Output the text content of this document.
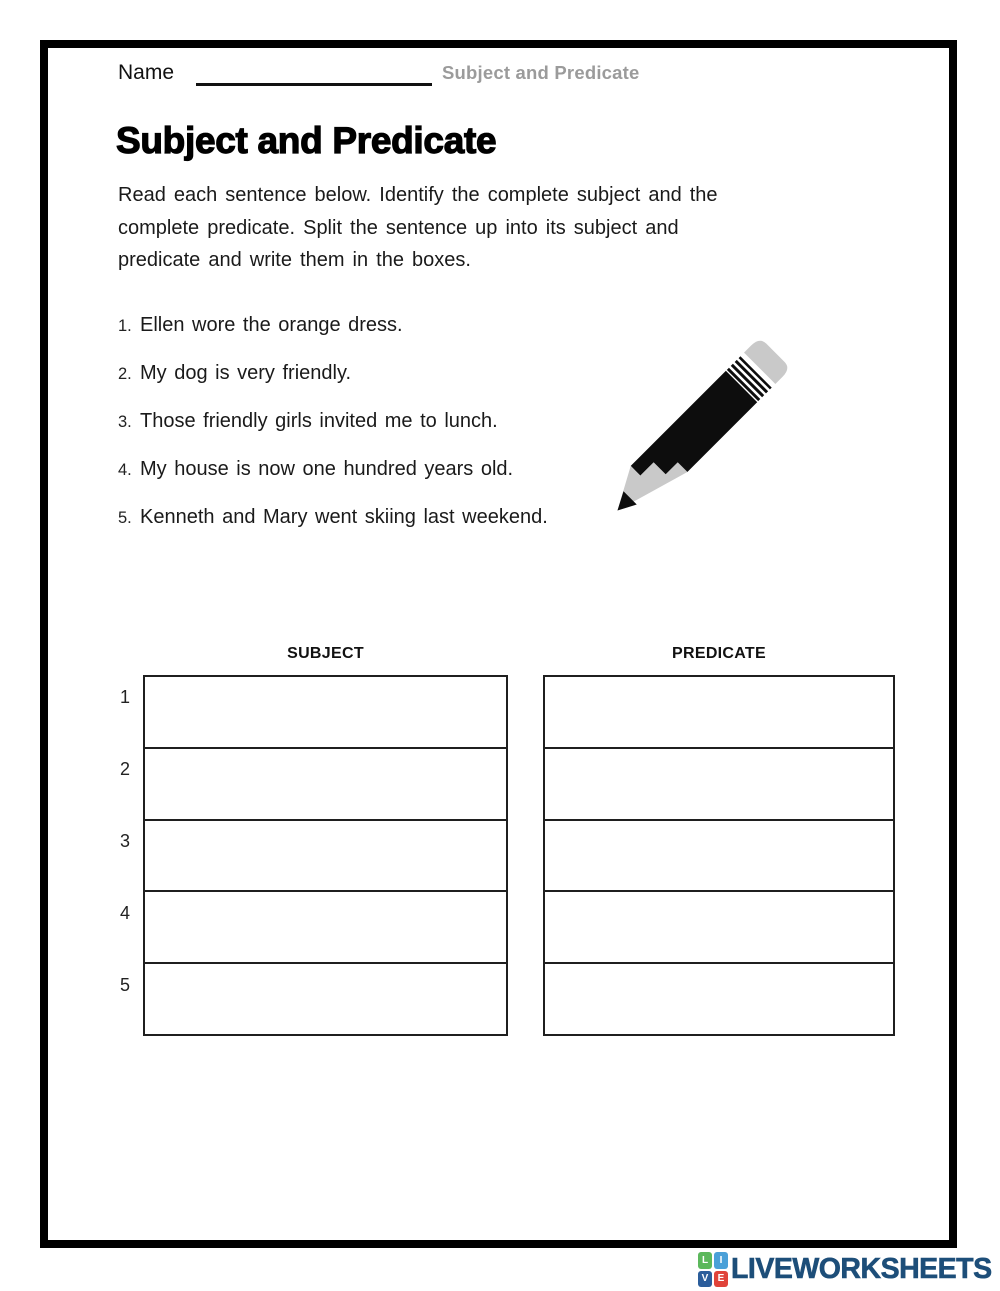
Name	Subject and Predicate
Subject and Predicate
Read each sentence below. Identify the complete subject and the
complete predicate. Split the sentence up into its subject and
predicate and write them in the boxes.
1. Ellen wore the orange dress.
2. My dog is very friendly.
3. Those friendly girls invited me to lunch.
4. My house is now one hundred years old.
5. Kenneth and Mary went skiing last weekend.
SUBJECT	PREDICATE
1
2
3
4
5
L	I
V E LIVEWORKSHEETS
